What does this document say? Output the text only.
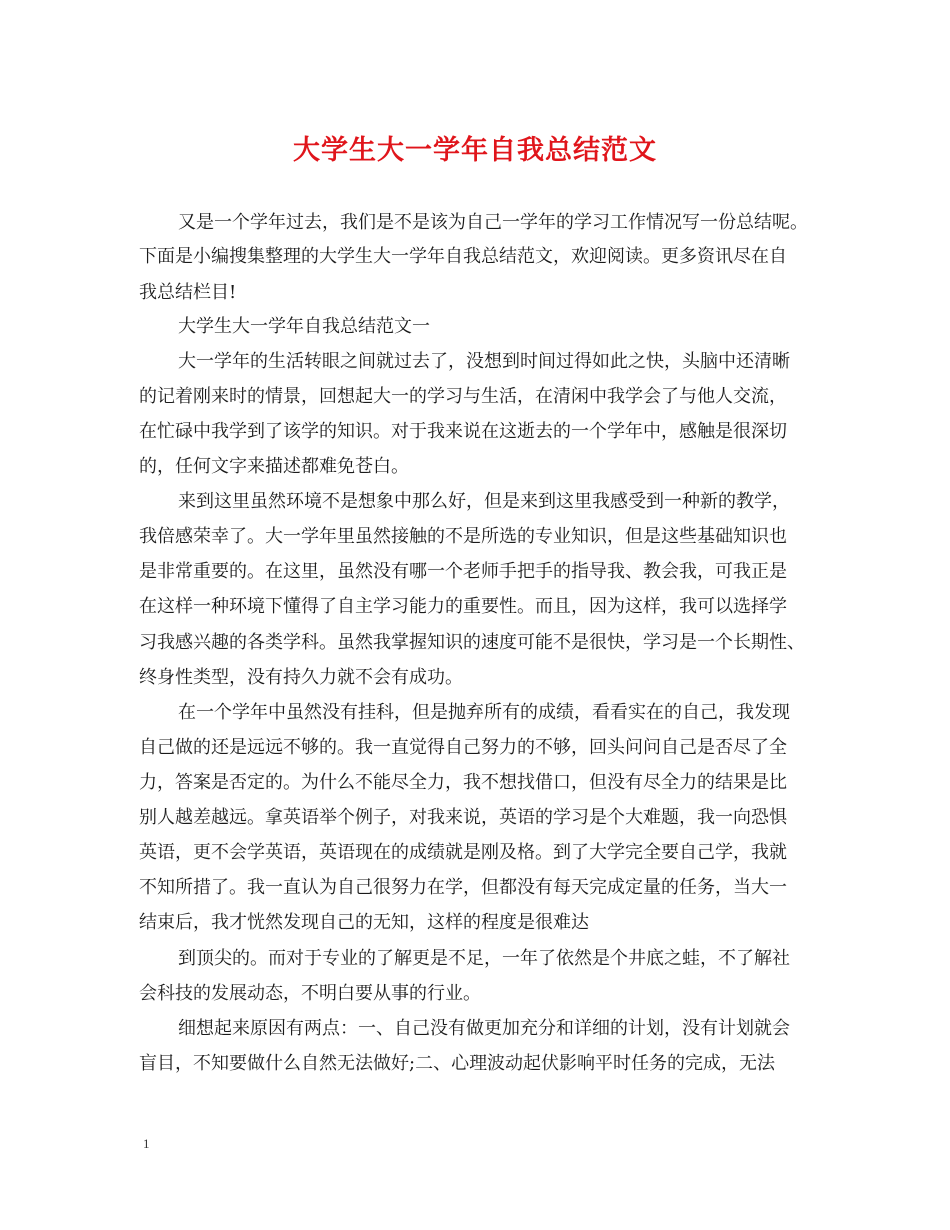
大学生大一学年自我总结范文
又是一个学年过去，我们是不是该为自己一学年的学习工作情况写一份总结呢。
下面是小编搜集整理的大学生大一学年自我总结范文，欢迎阅读。更多资讯尽在自
我总结栏目!
大学生大一学年自我总结范文一
大一学年的生活转眼之间就过去了，没想到时间过得如此之快，头脑中还清晰
的记着刚来时的情景，回想起大一的学习与生活，在清闲中我学会了与他人交流，
在忙碌中我学到了该学的知识。对于我来说在这逝去的一个学年中，感触是很深切
的，任何文字来描述都难免苍白。
来到这里虽然环境不是想象中那么好，但是来到这里我感受到一种新的教学，
我倍感荣幸了。大一学年里虽然接触的不是所选的专业知识，但是这些基础知识也
是非常重要的。在这里，虽然没有哪一个老师手把手的指导我、教会我，可我正是
在这样一种环境下懂得了自主学习能力的重要性。而且，因为这样，我可以选择学
习我感兴趣的各类学科。虽然我掌握知识的速度可能不是很快，学习是一个长期性、
终身性类型，没有持久力就不会有成功。
在一个学年中虽然没有挂科，但是抛弃所有的成绩，看看实在的自己，我发现
自己做的还是远远不够的。我一直觉得自己努力的不够，回头问问自己是否尽了全
力，答案是否定的。为什么不能尽全力，我不想找借口，但没有尽全力的结果是比
别人越差越远。拿英语举个例子，对我来说，英语的学习是个大难题，我一向恐惧
英语，更不会学英语，英语现在的成绩就是刚及格。到了大学完全要自己学，我就
不知所措了。我一直认为自己很努力在学，但都没有每天完成定量的任务，当大一
结束后，我才恍然发现自己的无知，这样的程度是很难达
到顶尖的。而对于专业的了解更是不足，一年了依然是个井底之蛙，不了解社
会科技的发展动态，不明白要从事的行业。
细想起来原因有两点：一、自己没有做更加充分和详细的计划，没有计划就会
盲目，不知要做什么自然无法做好;二、心理波动起伏影响平时任务的完成，无法
1
